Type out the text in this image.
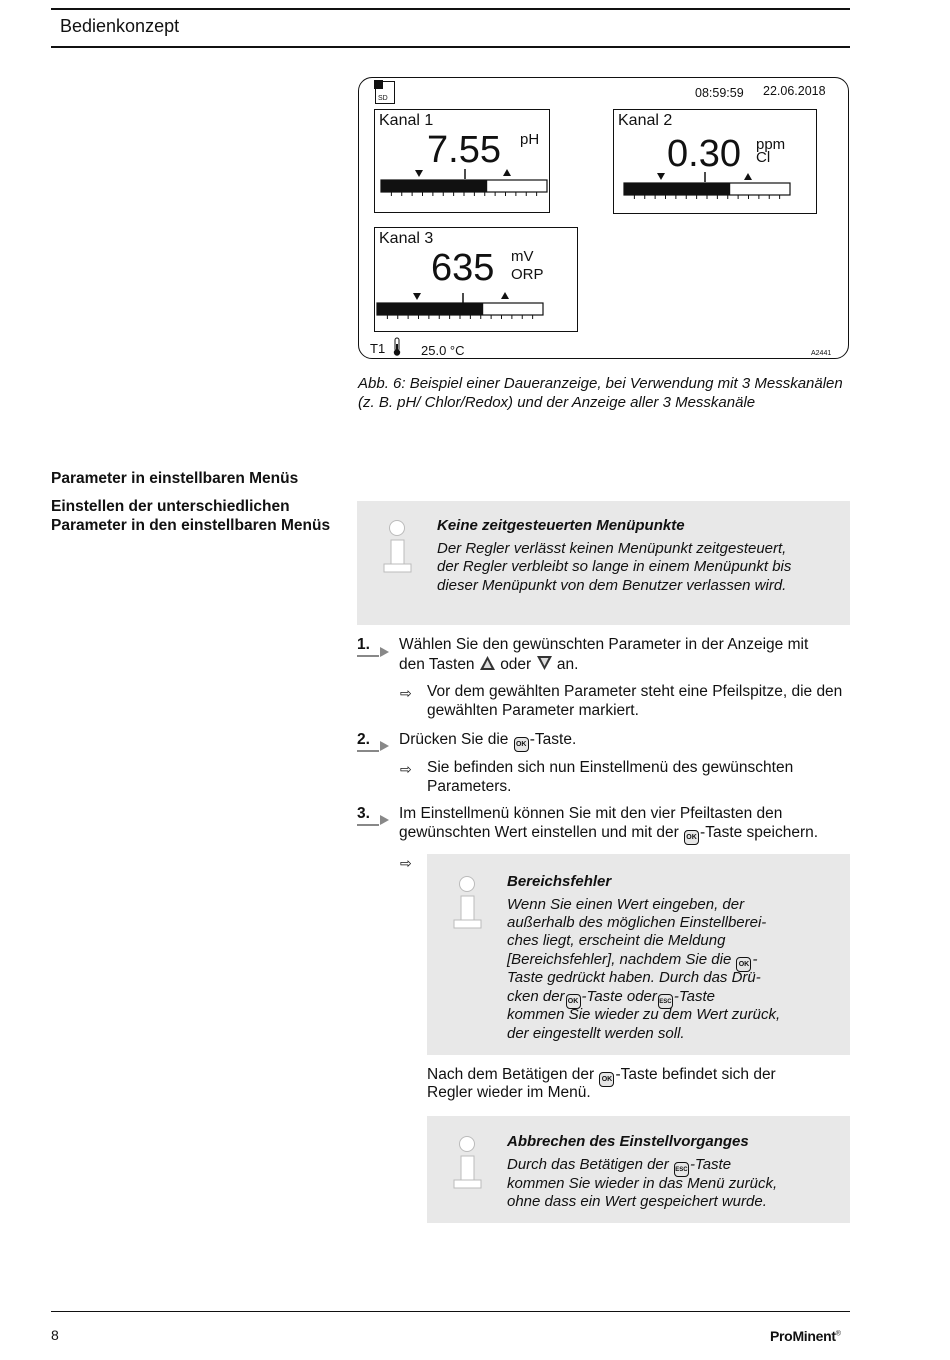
Bedienkonzept
SD	08:59:59 22.06.2018
Kanal 1
7.55 pH
Kanal 2
0.30 ppm
Cl
Kanal 3
635 mV
ORP
T1	25.0 °C	A2441
Abb. 6: Beispiel einer Daueranzeige, bei Verwendung mit 3 Messkanälen (z. B. pH/ Chlor/Redox) und der Anzeige aller 3 Messkanäle
Parameter in einstellbaren Menüs
Einstellen der unterschiedlichen Parameter in den einstellbaren Menüs	Keine zeitgesteuerten Menüpunkte
Der Regler verlässt keinen Menüpunkt zeitgesteuert, der Regler verbleibt so lange in einem Menüpunkt bis dieser Menüpunkt von dem Benutzer verlassen wird.
1. Wählen Sie den gewünschten Parameter in der Anzeige mit
den Tasten oder an.
⇨ Vor dem gewählten Parameter steht eine Pfeilspitze, die den gewählten Parameter markiert.
2. Drücken Sie die OK -Taste.
⇨ Sie befinden sich nun Einstellmenü des gewünschten Parameters.
3. Im Einstellmenü können Sie mit den vier Pfeiltasten den
gewünschten Wert einstellen und mit der OK -Taste speichern.
⇨
Bereichsfehler
Wenn Sie einen Wert eingeben, der
außerhalb des möglichen Einstellberei-
ches liegt, erscheint die Meldung
[Bereichsfehler], nachdem Sie die OK -
Taste gedrückt haben. Durch das Drü-
cken der OK -Taste oder ESC -Taste
kommen Sie wieder zu dem Wert zurück,
der eingestellt werden soll.
Nach dem Betätigen der OK -Taste befindet sich der
Regler wieder im Menü.
Abbrechen des Einstellvorganges
Durch das Betätigen der ESC -Taste
kommen Sie wieder in das Menü zurück,
ohne dass ein Wert gespeichert wurde.
8	ProMinent®
